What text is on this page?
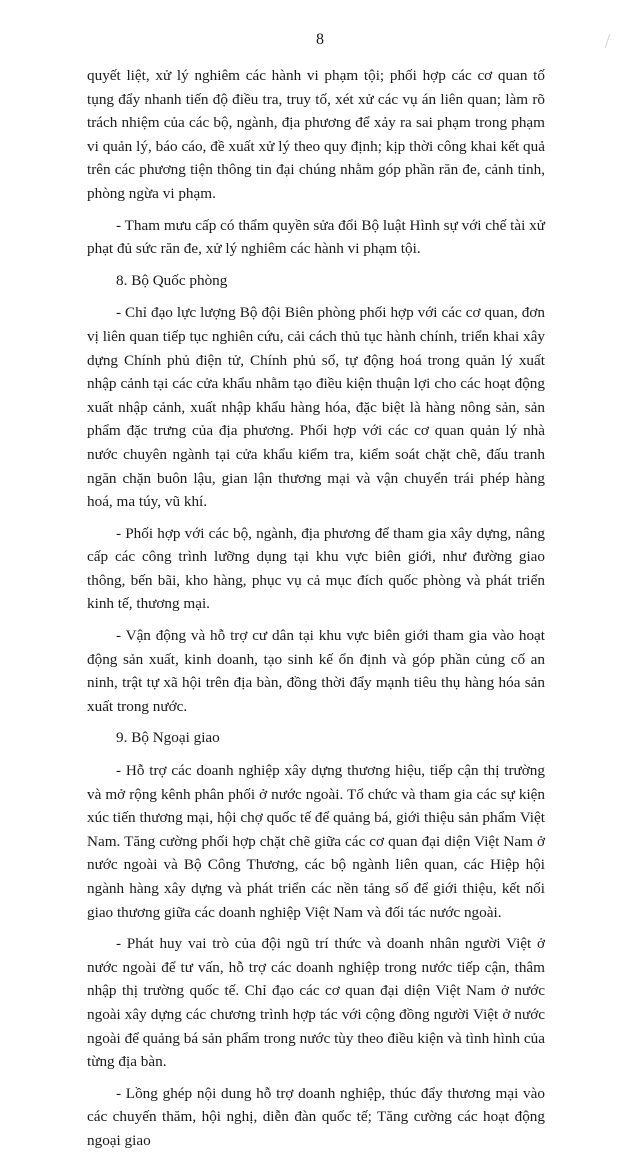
8

quyết liệt, xử lý nghiêm các hành vi phạm tội; phối hợp các cơ quan tố tụng đẩy nhanh tiến độ điều tra, truy tố, xét xử các vụ án liên quan; làm rõ trách nhiệm của các bộ, ngành, địa phương để xảy ra sai phạm trong phạm vi quản lý, báo cáo, đề xuất xử lý theo quy định; kịp thời công khai kết quả trên các phương tiện thông tin đại chúng nhằm góp phần răn đe, cảnh tỉnh, phòng ngừa vi phạm.

- Tham mưu cấp có thẩm quyền sửa đổi Bộ luật Hình sự với chế tài xử phạt đủ sức răn đe, xử lý nghiêm các hành vi phạm tội.

8. Bộ Quốc phòng

- Chỉ đạo lực lượng Bộ đội Biên phòng phối hợp với các cơ quan, đơn vị liên quan tiếp tục nghiên cứu, cải cách thủ tục hành chính, triển khai xây dựng Chính phủ điện tử, Chính phủ số, tự động hoá trong quản lý xuất nhập cảnh tại các cửa khẩu nhằm tạo điều kiện thuận lợi cho các hoạt động xuất nhập cảnh, xuất nhập khẩu hàng hóa, đặc biệt là hàng nông sản, sản phẩm đặc trưng của địa phương. Phối hợp với các cơ quan quản lý nhà nước chuyên ngành tại cửa khẩu kiểm tra, kiểm soát chặt chẽ, đấu tranh ngăn chặn buôn lậu, gian lận thương mại và vận chuyển trái phép hàng hoá, ma túy, vũ khí.

- Phối hợp với các bộ, ngành, địa phương để tham gia xây dựng, nâng cấp các công trình lưỡng dụng tại khu vực biên giới, như đường giao thông, bến bãi, kho hàng, phục vụ cả mục đích quốc phòng và phát triển kinh tế, thương mại.

- Vận động và hỗ trợ cư dân tại khu vực biên giới tham gia vào hoạt động sản xuất, kinh doanh, tạo sinh kế ổn định và góp phần củng cố an ninh, trật tự xã hội trên địa bàn, đồng thời đẩy mạnh tiêu thụ hàng hóa sản xuất trong nước.

9. Bộ Ngoại giao

- Hỗ trợ các doanh nghiệp xây dựng thương hiệu, tiếp cận thị trường và mở rộng kênh phân phối ở nước ngoài. Tổ chức và tham gia các sự kiện xúc tiến thương mại, hội chợ quốc tế để quảng bá, giới thiệu sản phẩm Việt Nam. Tăng cường phối hợp chặt chẽ giữa các cơ quan đại diện Việt Nam ở nước ngoài và Bộ Công Thương, các bộ ngành liên quan, các Hiệp hội ngành hàng xây dựng và phát triển các nền tảng số để giới thiệu, kết nối giao thương giữa các doanh nghiệp Việt Nam và đối tác nước ngoài.

- Phát huy vai trò của đội ngũ trí thức và doanh nhân người Việt ở nước ngoài để tư vấn, hỗ trợ các doanh nghiệp trong nước tiếp cận, thâm nhập thị trường quốc tế. Chỉ đạo các cơ quan đại diện Việt Nam ở nước ngoài xây dựng các chương trình hợp tác với cộng đồng người Việt ở nước ngoài để quảng bá sản phẩm trong nước tùy theo điều kiện và tình hình của từng địa bàn.

- Lồng ghép nội dung hỗ trợ doanh nghiệp, thúc đẩy thương mại vào các chuyến thăm, hội nghị, diễn đàn quốc tế; Tăng cường các hoạt động ngoại giao
